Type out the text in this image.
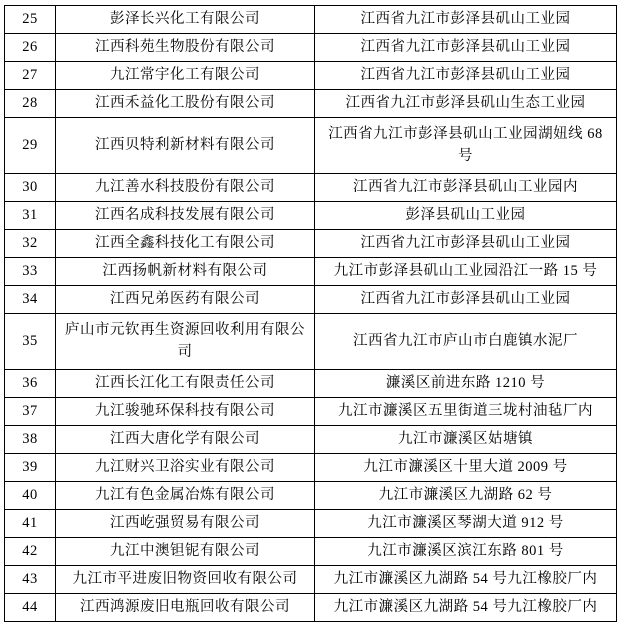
25	彭泽长兴化工有限公司	江西省九江市彭泽县矶山工业园
26	江西科苑生物股份有限公司	江西省九江市彭泽县矶山工业园
27	九江常宇化工有限公司	江西省九江市彭泽县矶山工业园
28	江西禾益化工股份有限公司	江西省九江市彭泽县矶山生态工业园
29	江西贝特利新材料有限公司	江西省九江市彭泽县矶山工业园湖妞线 68 号
30	九江善水科技股份有限公司	江西省九江市彭泽县矶山工业园内
31	江西名成科技发展有限公司	彭泽县矶山工业园
32	江西全鑫科技化工有限公司	江西省九江市彭泽县矶山工业园
33	江西扬帆新材料有限公司	九江市彭泽县矶山工业园沿江一路 15 号
34	江西兄弟医药有限公司	江西省九江市彭泽县矶山工业园
35	庐山市元钦再生资源回收利用有限公司	江西省九江市庐山市白鹿镇水泥厂
36	江西长江化工有限责任公司	濂溪区前进东路 1210 号
37	九江骏驰环保科技有限公司	九江市濂溪区五里街道三垅村油毡厂内
38	江西大唐化学有限公司	九江市濂溪区姑塘镇
39	九江财兴卫浴实业有限公司	九江市濂溪区十里大道 2009 号
40	九江有色金属冶炼有限公司	九江市濂溪区九湖路 62 号
41	江西屹强贸易有限公司	九江市濂溪区琴湖大道 912 号
42	九江中澳钽铌有限公司	九江市濂溪区滨江东路 801 号
43	九江市平进废旧物资回收有限公司	九江市濂溪区九湖路 54 号九江橡胶厂内
44	江西鸿源废旧电瓶回收有限公司	九江市濂溪区九湖路 54 号九江橡胶厂内
